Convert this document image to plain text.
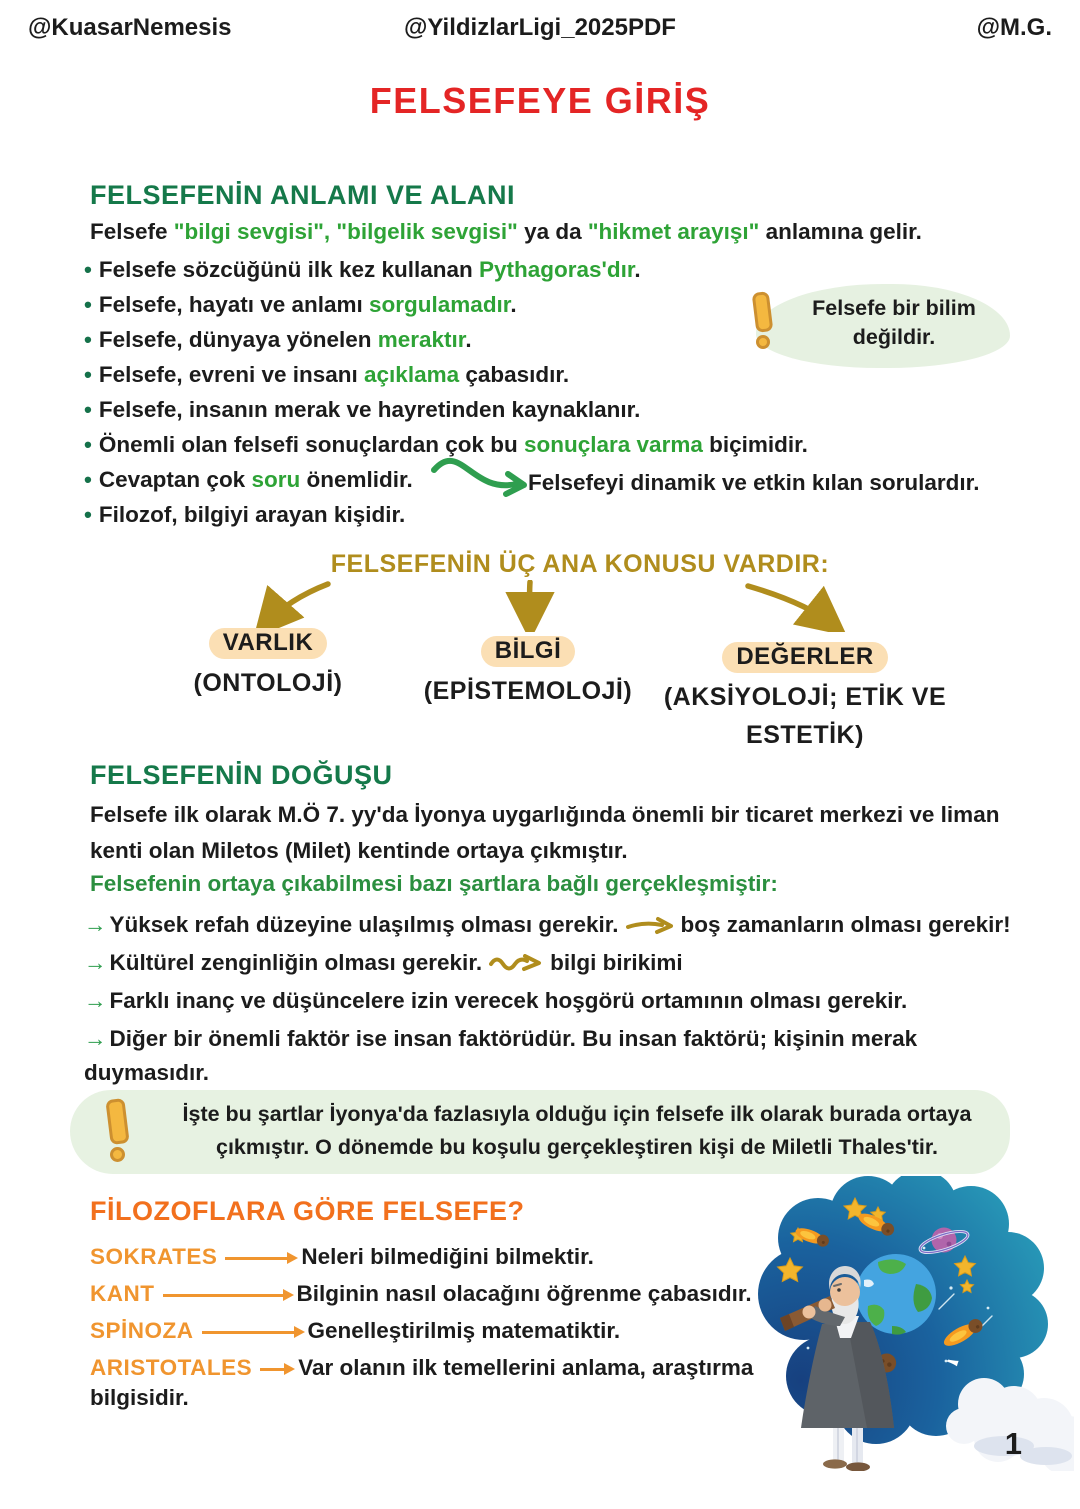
@KuasarNemesis	@YildizlarLigi_2025PDF	@M.G.
FELSEFEYE GİRİŞ
FELSEFENİN ANLAMI VE ALANI

Felsefe "bilgi sevgisi", "bilgelik sevgisi" ya da "hikmet arayışı" anlamına gelir.

• Felsefe sözcüğünü ilk kez kullanan Pythagoras'dır.
• Felsefe, hayatı ve anlamı sorgulamadır.
• Felsefe, dünyaya yönelen meraktır.
• Felsefe, evreni ve insanı açıklama çabasıdır.
• Felsefe, insanın merak ve hayretinden kaynaklanır.
• Önemli olan felsefi sonuçlardan çok bu sonuçlara varma biçimidir.
• Cevaptan çok soru önemlidir.
• Filozof, bilgiyi arayan kişidir.
Felsefe bir bilim değildir.

Felsefeyi dinamik ve etkin kılan sorulardır.

FELSEFENİN ÜÇ ANA KONUSU VARDIR:
VARLIK
(ONTOLOJİ)
BİLGİ
(EPİSTEMOLOJİ)
DEĞERLER
(AKSİYOLOJİ; ETİK VE ESTETİK)
FELSEFENİN DOĞUŞU

Felsefe ilk olarak M.Ö 7. yy'da İyonya uygarlığında önemli bir ticaret merkezi ve liman kenti olan Miletos (Milet) kentinde ortaya çıkmıştır.

Felsefenin ortaya çıkabilmesi bazı şartlara bağlı gerçekleşmiştir:

→ Yüksek refah düzeyine ulaşılmış olması gerekir.	boş zamanların olması gerekir!
→ Kültürel zenginliğin olması gerekir.	bilgi birikimi
→ Farklı inanç ve düşüncelere izin verecek hoşgörü ortamının olması gerekir.
→ Diğer bir önemli faktör ise insan faktörüdür. Bu insan faktörü; kişinin merak duymasıdır.

İşte bu şartlar İyonya'da fazlasıyla olduğu için felsefe ilk olarak burada ortaya çıkmıştır. O dönemde bu koşulu gerçekleştiren kişi de Miletli Thales'tir.

FİLOZOFLARA GÖRE FELSEFE?
SOKRATES	Neleri bilmediğini bilmektir.
KANT	Bilginin nasıl olacağını öğrenme çabasıdır.
SPİNOZA	Genelleştirilmiş matematiktir.
ARISTOTALES Var olanın ilk temellerini anlama, araştırma bilgisidir.
1
